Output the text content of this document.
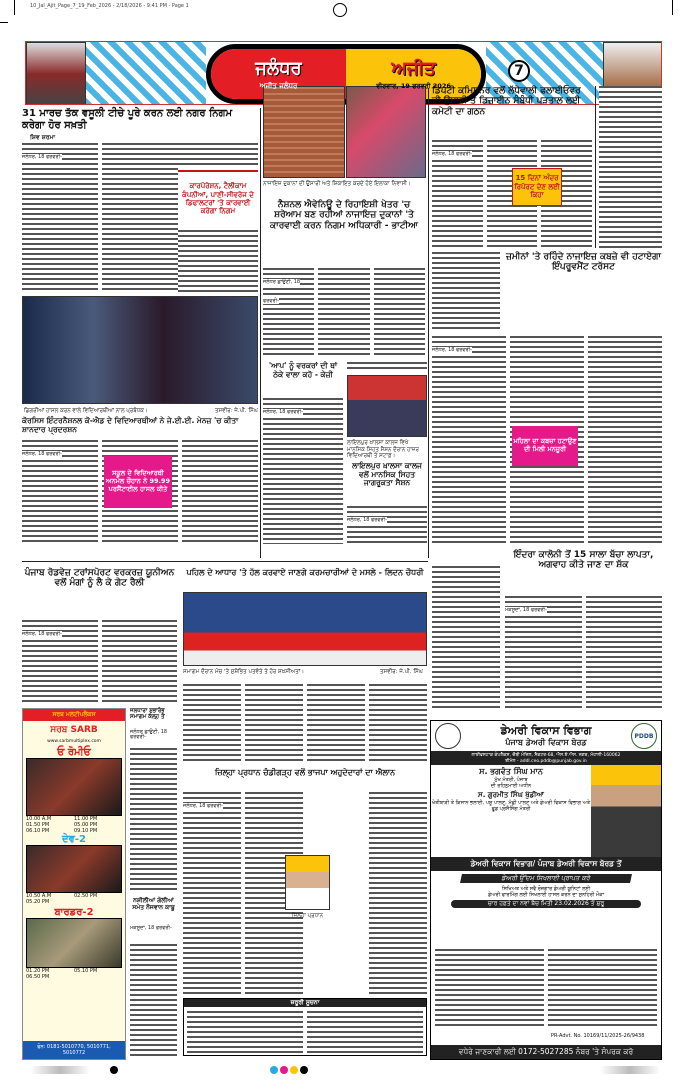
10_Jal_Ajit_Page_7_19_Feb_2026 - 2/18/2026 - 9:41 PM - Page 1
ਜਲੰਧਰ
ਅਜੀਤ ਜਲੰਧਰ
ਅਜੀਤ
ਵੀਰਵਾਰ, 19 ਫਰਵਰੀ 2026
7
31 ਮਾਰਚ ਤੱਕ ਵਸੂਲੀ ਟੀਚੇ ਪੂਰੇ ਕਰਨ ਲਈ ਨਗਰ ਨਿਗਮ ਕਰੇਗਾ ਹੋਰ ਸਖ਼ਤੀ
ਸ਼ਿਵ ਸ਼ਰਮਾ
ਜਲੰਧਰ, 18 ਫਰਵਰੀ-
ਕਾਰਪੋਰੇਸ਼ਨ, ਟੈਲੀਕਾਮ ਕੰਪਨੀਆਂ, ਪਾਣੀ-ਸੀਵਰੇਜ ਦੇ ਡਿਫਾਲਟਰਾਂ 'ਤੇ ਕਾਰਵਾਈ ਕਰੇਗਾ ਨਿਗਮ
ਡਿਗਰੀਆਂ ਹਾਸਲ ਕਰਨ ਵਾਲੇ ਵਿਦਿਆਰਥੀਆਂ ਨਾਲ ਪ੍ਰਬੰਧਕ।	ਤਸਵੀਰ: ਜੇ.ਪੀ. ਸਿੰਘ
ਕੋਰਸਿਸ ਇੰਟਰਨੈਸ਼ਨਲ ਕੋ-ਐਡ ਦੇ ਵਿਦਿਆਰਥੀਆਂ ਨੇ ਜੇ.ਈ.ਈ. ਮੇਨਜ਼ 'ਚ ਕੀਤਾ ਸ਼ਾਨਦਾਰ ਪ੍ਰਦਰਸ਼ਨ
ਜਲੰਧਰ, 18 ਫਰਵਰੀ-
ਸਕੂਲ ਦੇ ਵਿਦਿਆਰਥੀ ਅਨਮੋਲ ਚੌਹਾਨ ਨੇ 99.99 ਪਰਸੈਂਟਾਈਲ ਹਾਸਲ ਕੀਤੇ
ਨਾਜਾਇਜ਼ ਦੁਕਾਨਾਂ ਦੀ ਉਸਾਰੀ ਅਤੇ ਸ਼ਿਕਾਇਤ ਕਰਦੇ ਹੋਏ ਇਲਾਕਾ ਨਿਵਾਸੀ।
ਨੈਸ਼ਨਲ ਐਵੇਨਿਊ ਦੇ ਰਿਹਾਇਸ਼ੀ ਖੇਤਰ 'ਚ ਸ਼ਰੇਆਮ ਬਣ ਰਹੀਆਂ ਨਾਜਾਇਜ਼ ਦੁਕਾਨਾਂ 'ਤੇ ਕਾਰਵਾਈ ਕਰਨ ਨਿਗਮ ਅਧਿਕਾਰੀ - ਭਾਟੀਆ
ਜਲੰਧਰ ਛਾਉਣੀ, 18 ਫਰਵਰੀ-
ਡਿਪਟੀ ਕਮਿਸ਼ਨਰ ਵਲੋਂ ਲੱਧੇਵਾਲੀ ਫਲਾਈਓਵਰ ਦੀ ਉਸਾਰੀ ਤੇ ਡਿਜ਼ਾਈਨ ਸੰਬੰਧੀ ਪੜਤਾਲ ਲਈ ਕਮੇਟੀ ਦਾ ਗਠਨ
ਜਲੰਧਰ, 18 ਫਰਵਰੀ-
15 ਦਿਨਾਂ ਅੰਦਰ ਰਿਪੋਰਟ ਦੇਣ ਲਈ ਕਿਹਾ
ਜ਼ਮੀਨਾਂ 'ਤੇ ਰਹਿੰਦੇ ਨਾਜਾਇਜ਼ ਕਬਜ਼ੇ ਵੀ ਹਟਾਏਗਾ ਇੰਪਰੂਵਮੈਂਟ ਟਰੱਸਟ
ਜਲੰਧਰ, 18 ਫਰਵਰੀ-
ਮਹਿਲਾ ਦਾ ਕਬਜ਼ਾ ਹਟਾਉਣ ਦੀ ਮਿਲੀ ਮਨਜ਼ੂਰੀ
'ਆਪ' ਨੂੰ ਵਰਕਰਾਂ ਦੀ ਥਾਂ ਠੇਕੇ ਵਾਲਾ ਕਹੋ - ਕੇਜ਼ੀ
ਜਲੰਧਰ, 18 ਫਰਵਰੀ-
ਲਾਇਲਪੁਰ ਖ਼ਾਲਸਾ ਕਾਲਜ ਵਿਖੇ ਮਾਨਸਿਕ ਸਿਹਤ ਸੈਸ਼ਨ ਦੌਰਾਨ ਹਾਜ਼ਰ ਵਿਦਿਆਰਥੀ ਤੇ ਸਟਾਫ਼।
ਲਾਇਲਪੁਰ ਖ਼ਾਲਸਾ ਕਾਲਜ ਵਲੋਂ ਮਾਨਸਿਕ ਸਿਹਤ ਜਾਗਰੂਕਤਾ ਸੈਸ਼ਨ
ਜਲੰਧਰ, 18 ਫਰਵਰੀ-
ਇੰਦਰਾ ਕਾਲੋਨੀ ਤੋਂ 15 ਸਾਲਾ ਬੱਚਾ ਲਾਪਤਾ, ਅਗਵਾਹ ਕੀਤੇ ਜਾਣ ਦਾ ਸ਼ੱਕ
ਮਕਸੂਦਾਂ, 18 ਫਰਵਰੀ-
ਪੰਜਾਬ ਰੋਡਵੇਜ਼ ਟਰਾਂਸਪੋਰਟ ਵਰਕਰਜ਼ ਯੂਨੀਅਨ ਵਲੋਂ ਮੰਗਾਂ ਨੂੰ ਲੈ ਕੇ ਗੇਟ ਰੈਲੀ
ਜਲੰਧਰ, 18 ਫਰਵਰੀ-
ਜਲਧਾਰਾ ਸ਼ੁਭਾਰੰਭ ਸਮਾਗਮ ਕੱਲ੍ਹ ਤੋਂ
ਜਲੰਧਰ ਛਾਉਣੀ, 18 ਫਰਵਰੀ-
ਨਸ਼ੀਲੀਆਂ ਗੋਲੀਆਂ ਸਮੇਤ ਨੌਜਵਾਨ ਕਾਬੂ
ਮਕਸੂਦਾਂ, 18 ਫਰਵਰੀ-
ਪਹਿਲ ਦੇ ਆਧਾਰ 'ਤੇ ਹੱਲ ਕਰਵਾਏ ਜਾਣਗੇ ਕਰਮਚਾਰੀਆਂ ਦੇ ਮਸਲੇ - ਲਿਦਨ ਚੌਧਰੀ
ਸਮਾਗਮ ਦੌਰਾਨ ਮੰਚ 'ਤੇ ਸੁਸ਼ੋਭਿਤ ਪਤਵੰਤੇ ਤੇ ਹੋਰ ਸ਼ਖ਼ਸੀਅਤਾਂ।	ਤਸਵੀਰ: ਜੇ.ਪੀ. ਸਿੰਘ
ਜ਼ਿਲ੍ਹਾ ਪ੍ਰਧਾਨ ਚੰਡੀਗੜ੍ਹ ਵਲੋਂ ਭਾਜਪਾ ਅਹੁਦੇਦਾਰਾਂ ਦਾ ਐਲਾਨ
ਜਲੰਧਰ, 18 ਫਰਵਰੀ-
ਜਿਲ੍ਹਾ ਪ੍ਰਧਾਨ
ਜ਼ਰੂਰੀ ਸੂਚਨਾ
ਸਰਬ ਮਲਟੀਪਲੈਕਸ
ਸਰਬ SARB
www.sarbmultiplex.com
ਓ ਰੋਮੀਓ
10.00 A.M	11.00 PM
01.50 PM	05.00 PM
06.10 PM	09.10 PM
ਦੇਵ-2
10.50 A.M	02.50 PM
05.20 PM
ਬਾਰਡਰ-2
01.20 PM	05.10 PM
06.50 PM
ਫੋਨ: 0181-5010770, 5010771, 5010772
ਡੇਅਰੀ ਵਿਕਾਸ ਵਿਭਾਗ
ਪੰਜਾਬ ਡੇਅਰੀ ਵਿਕਾਸ ਬੋਰਡ
PDDB
ਲਾਈਵਸਟਾਕ ਕੰਪਲੈਕਸ, ਚੌਥੀ ਮੰਜ਼ਿਲ, ਸੈਕਟਰ-68, ਐਸ.ਏ.ਐਸ. ਨਗਰ, ਮੋਹਾਲੀ-160062
ਈਮੇਲ - addl.ceo.pddb@punjab.gov.in
ਸ. ਭਗਵੰਤ ਸਿੰਘ ਮਾਨ
ਮੁੱਖ ਮੰਤਰੀ, ਪੰਜਾਬ
ਦੀ ਰਹਿਨੁਮਾਈ ਅਧੀਨ
ਸ. ਗੁਰਮੀਤ ਸਿੰਘ ਖੁੱਡੀਆਂ
ਖੇਤੀਬਾੜੀ ਤੇ ਕਿਸਾਨ ਭਲਾਈ, ਪਸ਼ੂ ਪਾਲਣ, ਮੱਛੀ ਪਾਲਣ ਅਤੇ ਡੇਅਰੀ ਵਿਕਾਸ ਵਿਭਾਗ ਅਤੇ ਫੂਡ ਪ੍ਰੋਸੈਸਿੰਗ ਮੰਤਰੀ
ਡੇਅਰੀ ਵਿਕਾਸ ਵਿਭਾਗ/ ਪੰਜਾਬ ਡੇਅਰੀ ਵਿਕਾਸ ਬੋਰਡ ਤੋਂ
ਡੇਅਰੀ ਉੱਦਮ ਸਿਖਲਾਈ ਪ੍ਰਾਪਤ ਕਰੋ
ਸਿਖਿਅਤ ਅਤੇ ਸਵੈ ਰੋਜ਼ਗਾਰ ਡੇਅਰੀ ਯੂਨਿਟਾਂ ਲਈ
ਡੇਅਰੀ ਫਾਰਮਿੰਗ ਲਈ ਸਿਖਲਾਈ ਹਾਸਲ ਕਰਨ ਦਾ ਸੁਨਹਿਰੀ ਮੌਕਾ
ਚਾਰ ਹਫ਼ਤੇ ਦਾ ਨਵਾਂ ਬੈਚ ਮਿਤੀ 23.02.2026 ਤੋਂ ਸ਼ੁਰੂ
PR-Advt. No. 10169/11/2025-26/9438
ਵਧੇਰੇ ਜਾਣਕਾਰੀ ਲਈ 0172-5027285 ਨੰਬਰ 'ਤੇ ਸੰਪਰਕ ਕਰੋ
